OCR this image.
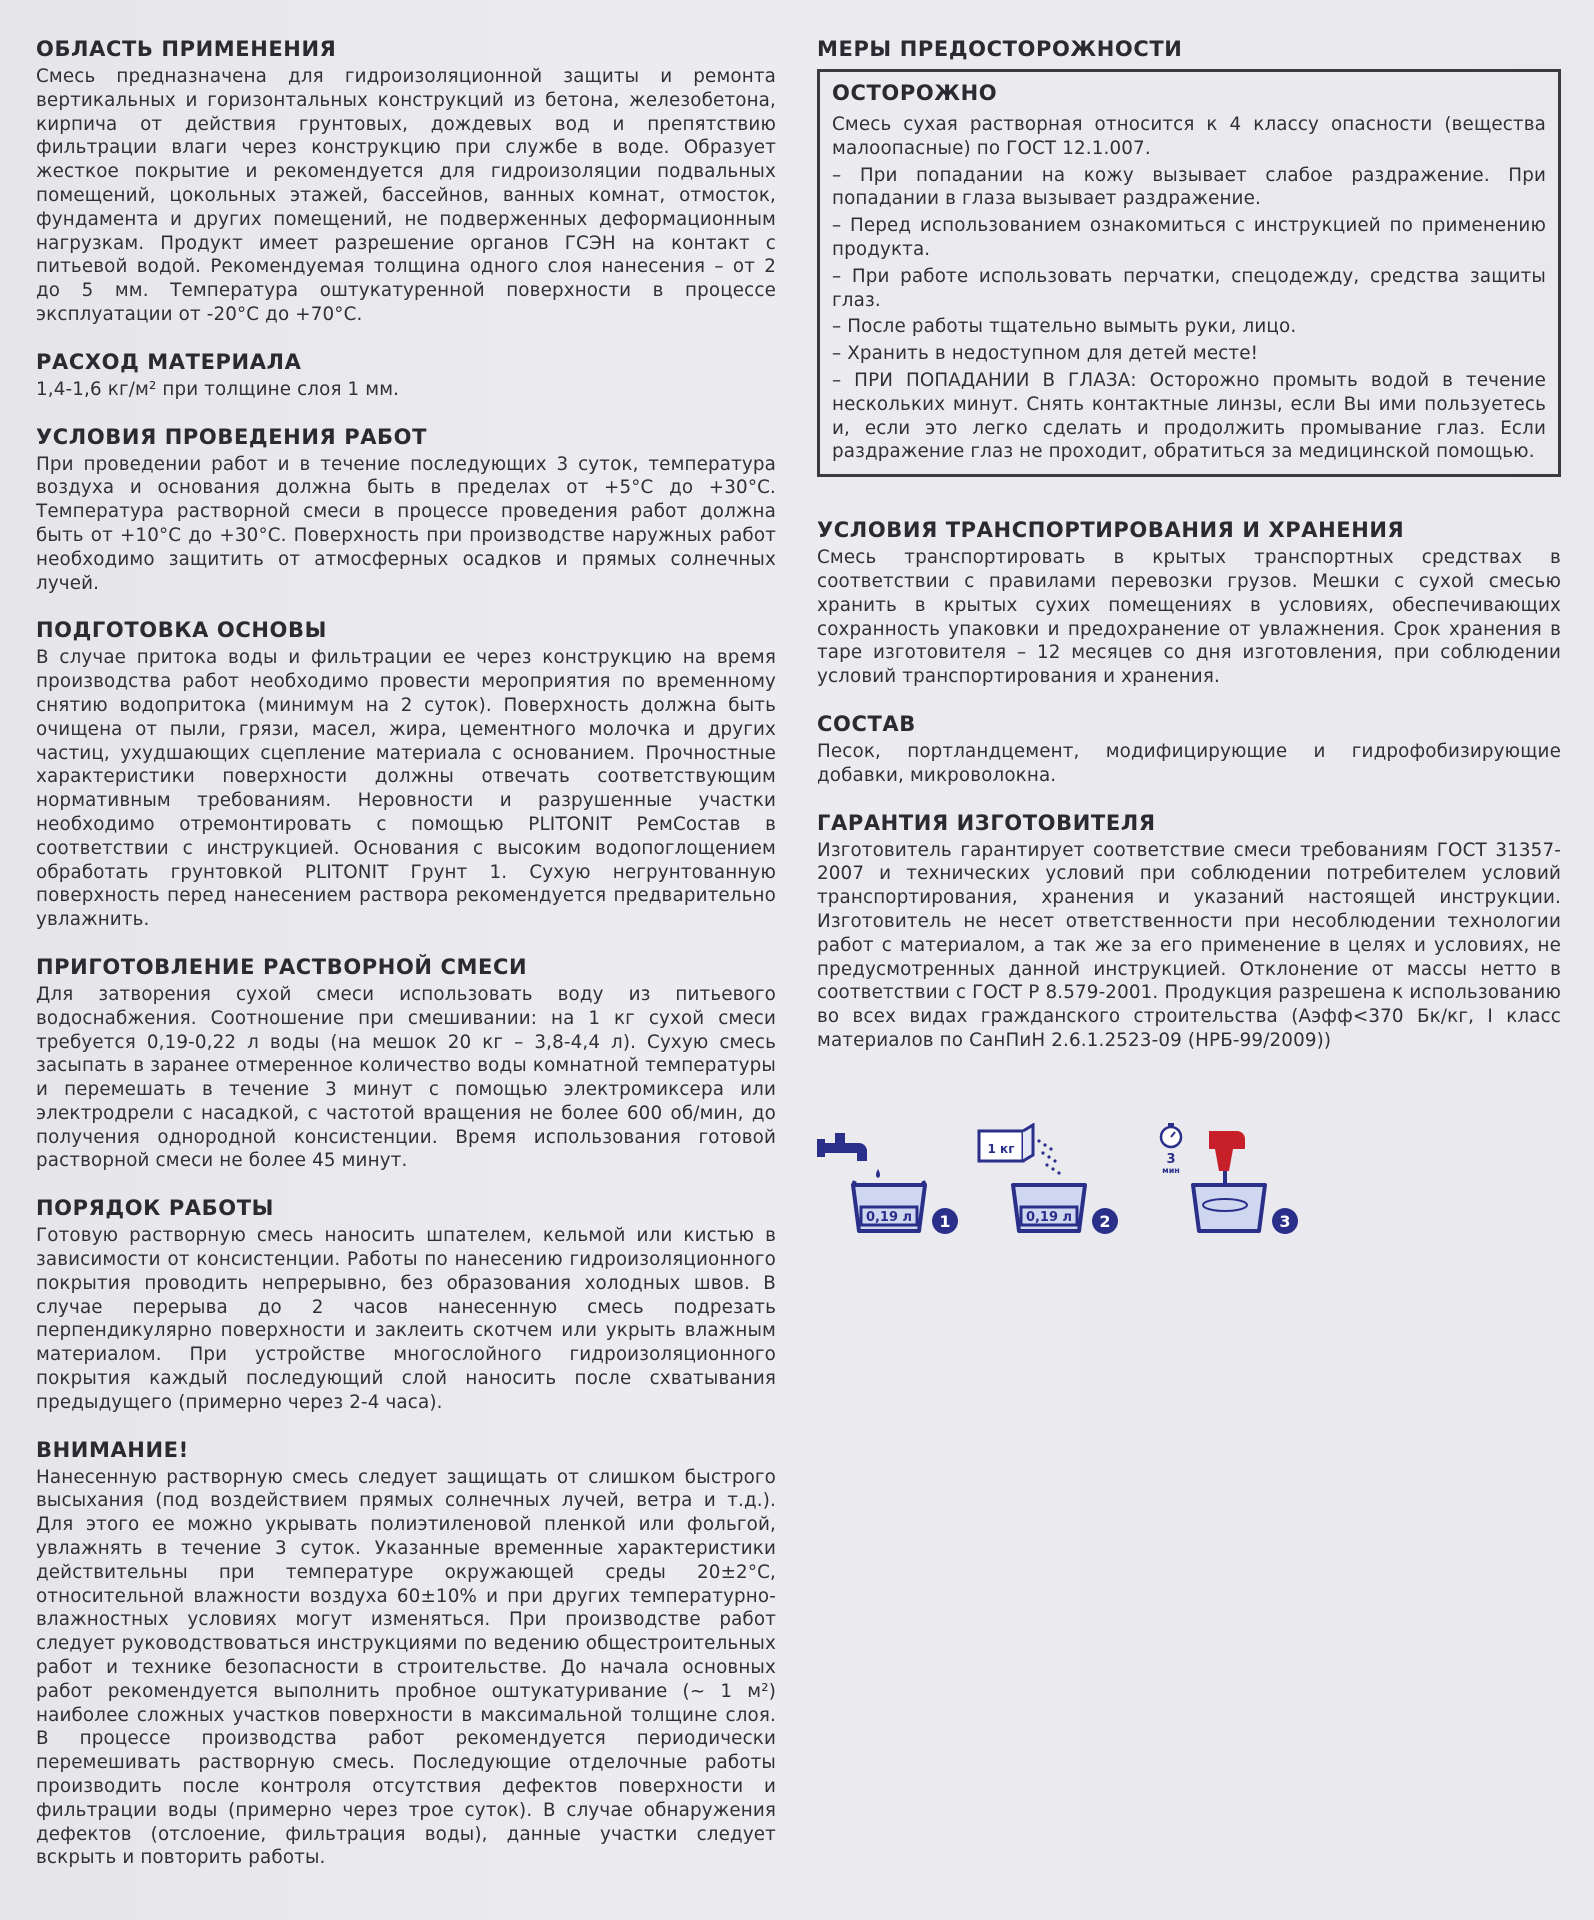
ОБЛАСТЬ ПРИМЕНЕНИЯ

Смесь предназначена для гидроизоляционной защиты и ремонта вертикальных и горизонтальных конструкций из бетона, железобетона, кирпича от действия грунтовых, дождевых вод и препятствию фильтрации влаги через конструкцию при службе в воде. Образует жесткое покрытие и рекомендуется для гидроизоляции подвальных помещений, цокольных этажей, бассейнов, ванных комнат, отмосток, фундамента и других помещений, не подверженных деформационным нагрузкам. Продукт имеет разрешение органов ГСЭН на контакт с питьевой водой. Рекомендуемая толщина одного слоя нанесения – от 2 до 5 мм. Температура оштукатуренной поверхности в процессе эксплуатации от -20°С до +70°С.

РАСХОД МАТЕРИАЛА

1,4-1,6 кг/м² при толщине слоя 1 мм.

УСЛОВИЯ ПРОВЕДЕНИЯ РАБОТ

При проведении работ и в течение последующих 3 суток, температура воздуха и основания должна быть в пределах от +5°С до +30°С. Температура растворной смеси в процессе проведения работ должна быть от +10°С до +30°С. Поверхность при производстве наружных работ необходимо защитить от атмосферных осадков и прямых солнечных лучей.

ПОДГОТОВКА ОСНОВЫ

В случае притока воды и фильтрации ее через конструкцию на время производства работ необходимо провести мероприятия по временному снятию водопритока (минимум на 2 суток). Поверхность должна быть очищена от пыли, грязи, масел, жира, цементного молочка и других частиц, ухудшающих сцепление материала с основанием. Прочностные характеристики поверхности должны отвечать соответствующим нормативным требованиям. Неровности и разрушенные участки необходимо отремонтировать с помощью PLITONIT РемСостав в соответствии с инструкцией. Основания с высоким водопоглощением обработать грунтовкой PLITONIT Грунт 1. Сухую негрунтованную поверхность перед нанесением раствора рекомендуется предварительно увлажнить.

ПРИГОТОВЛЕНИЕ РАСТВОРНОЙ СМЕСИ

Для затворения сухой смеси использовать воду из питьевого водоснабжения. Соотношение при смешивании: на 1 кг сухой смеси требуется 0,19-0,22 л воды (на мешок 20 кг – 3,8-4,4 л). Сухую смесь засыпать в заранее отмеренное количество воды комнатной температуры и перемешать в течение 3 минут с помощью электромиксера или электродрели с насадкой, с частотой вращения не более 600 об/мин, до получения однородной консистенции. Время использования готовой растворной смеси не более 45 минут.

ПОРЯДОК РАБОТЫ

Готовую растворную смесь наносить шпателем, кельмой или кистью в зависимости от консистенции. Работы по нанесению гидроизоляционного покрытия проводить непрерывно, без образования холодных швов. В случае перерыва до 2 часов нанесенную смесь подрезать перпендикулярно поверхности и заклеить скотчем или укрыть влажным материалом. При устройстве многослойного гидроизоляционного покрытия каждый последующий слой наносить после схватывания предыдущего (примерно через 2-4 часа).

ВНИМАНИЕ!

Нанесенную растворную смесь следует защищать от слишком быстрого высыхания (под воздействием прямых солнечных лучей, ветра и т.д.). Для этого ее можно укрывать полиэтиленовой пленкой или фольгой, увлажнять в течение 3 суток. Указанные временные характеристики действительны при температуре окружающей среды 20±2°С, относительной влажности воздуха 60±10% и при других температурно-влажностных условиях могут изменяться. При производстве работ следует руководствоваться инструкциями по ведению общестроительных работ и технике безопасности в строительстве. До начала основных работ рекомендуется выполнить пробное оштукатуривание (~ 1 м²) наиболее сложных участков поверхности в максимальной толщине слоя. В процессе производства работ рекомендуется периодически перемешивать растворную смесь. Последующие отделочные работы производить после контроля отсутствия дефектов поверхности и фильтрации воды (примерно через трое суток). В случае обнаружения дефектов (отслоение, фильтрация воды), данные участки следует вскрыть и повторить работы.

МЕРЫ ПРЕДОСТОРОЖНОСТИ
ОСТОРОЖНО

Смесь сухая растворная относится к 4 классу опасности (вещества малоопасные) по ГОСТ 12.1.007.

– При попадании на кожу вызывает слабое раздражение. При попадании в глаза вызывает раздражение.

– Перед использованием ознакомиться с инструкцией по применению продукта.

– При работе использовать перчатки, спецодежду, средства защиты глаз.

– После работы тщательно вымыть руки, лицо.

– Хранить в недоступном для детей месте!

– ПРИ ПОПАДАНИИ В ГЛАЗА: Осторожно промыть водой в течение нескольких минут. Снять контактные линзы, если Вы ими пользуетесь и, если это легко сделать и продолжить промывание глаз. Если раздражение глаз не проходит, обратиться за медицинской помощью.

УСЛОВИЯ ТРАНСПОРТИРОВАНИЯ И ХРАНЕНИЯ

Смесь транспортировать в крытых транспортных средствах в соответствии с правилами перевозки грузов. Мешки с сухой смесью хранить в крытых сухих помещениях в условиях, обеспечивающих сохранность упаковки и предохранение от увлажнения. Срок хранения в таре изготовителя – 12 месяцев со дня изготовления, при соблюдении условий транспортирования и хранения.

СОСТАВ

Песок, портландцемент, модифицирующие и гидрофобизирующие добавки, микроволокна.

ГАРАНТИЯ ИЗГОТОВИТЕЛЯ

Изготовитель гарантирует соответствие смеси требованиям ГОСТ 31357-2007 и технических условий при соблюдении потребителем условий транспортирования, хранения и указаний настоящей инструкции. Изготовитель не несет ответственности при несоблюдении технологии работ с материалом, а так же за его применение в целях и условиях, не предусмотренных данной инструкцией. Отклонение от массы нетто в соответствии с ГОСТ Р 8.579-2001. Продукция разрешена к использованию во всех видах гражданского строительства (Аэфф<370 Бк/кг, I класс материалов по СанПиН 2.6.1.2523-09 (НРБ-99/2009))

0,19 л 1
1 кг
0,19 л 2
3
мин
3
